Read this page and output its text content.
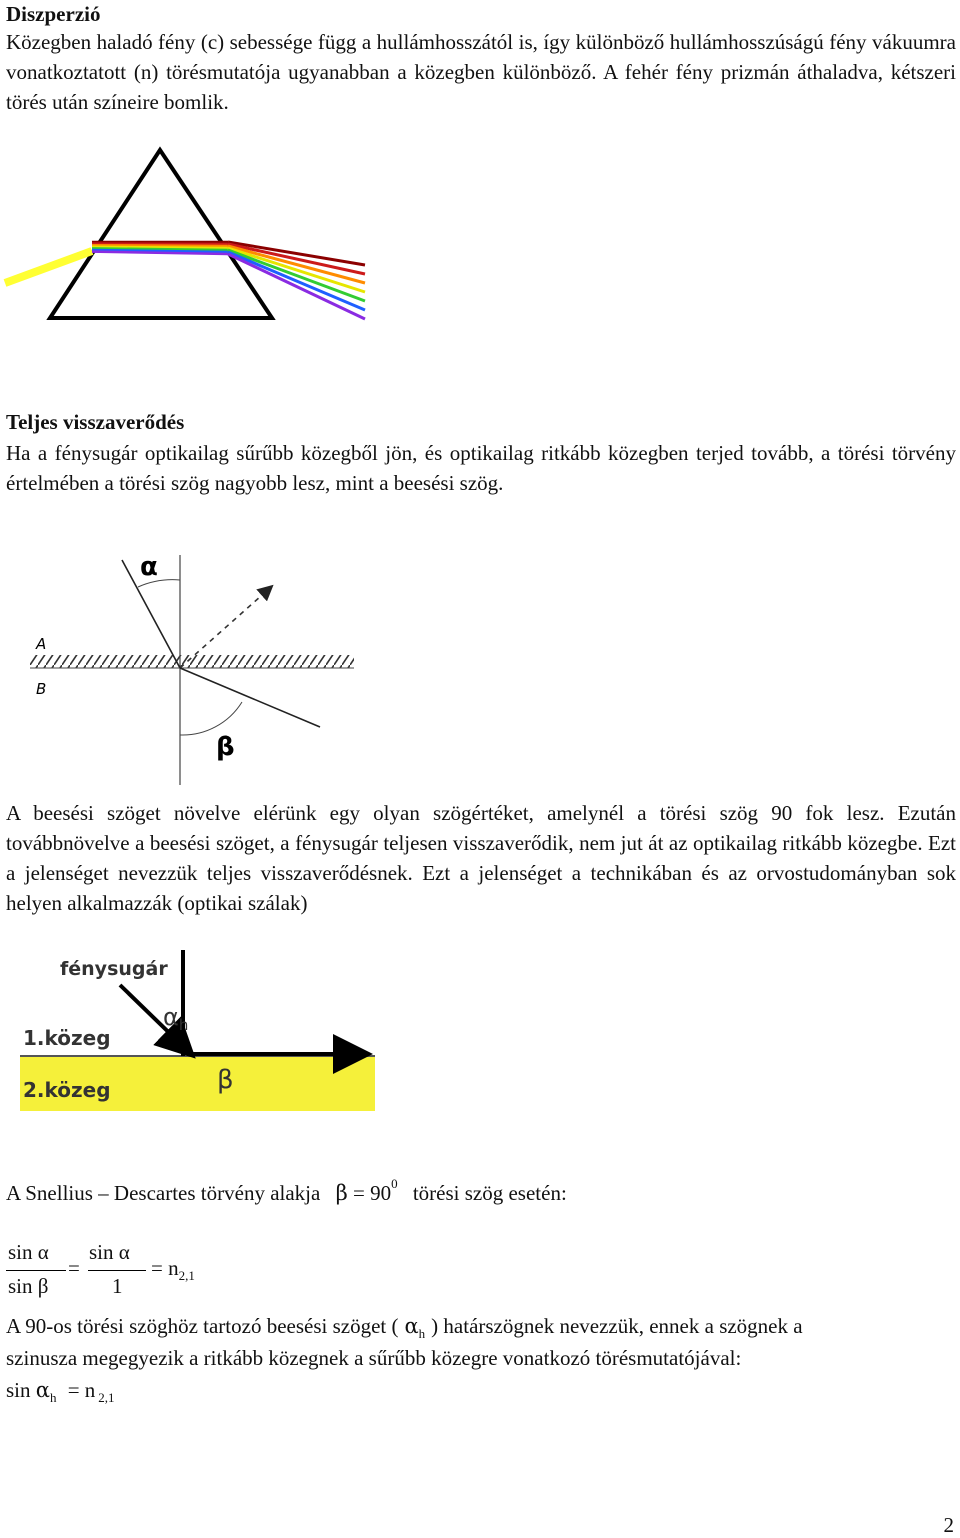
Diszperzió

Közegben haladó fény (c) sebessége függ a hullámhosszától is, így különböző hullámhosszúságú fény vákuumra vonatkoztatott (n) törésmutatója ugyanabban a közegben különböző. A fehér fény prizmán áthaladva, kétszeri törés után színeire bomlik.

Teljes visszaverődés

Ha a fénysugár optikailag sűrűbb közegből jön, és optikailag ritkább közegben terjed tovább, a törési törvény értelmében a törési szög nagyobb lesz, mint a beesési szög.

α
A
B
β

A beesési szöget növelve elérünk egy olyan szögértéket, amelynél a törési szög 90 fok lesz. Ezután továbbnövelve a beesési szöget, a fénysugár teljesen visszaverődik, nem jut át az optikailag ritkább közegbe. Ezt a jelenséget nevezzük teljes visszaverődésnek. Ezt a jelenséget a technikában és az orvostudományban sok helyen alkalmazzák (optikai szálak)

fénysugár
$\alpha_h$
1.közeg
2.közeg	β
A Snellius – Descartes törvény alakja $\beta = 90^0$ törési szög esetén:
sin α
sin β
=
sin α
1
= $n_{2,1}$
A 90-os törési szöghöz tartozó beesési szöget ( $\alpha_h$ ) határszögnek nevezzük, ennek a szögnek a
szinusza megegyezik a ritkább közegnek a sűrűbb közegre vonatkozó törésmutatójával:
$\sin \alpha_h = n$ $_{2,1}$
2
